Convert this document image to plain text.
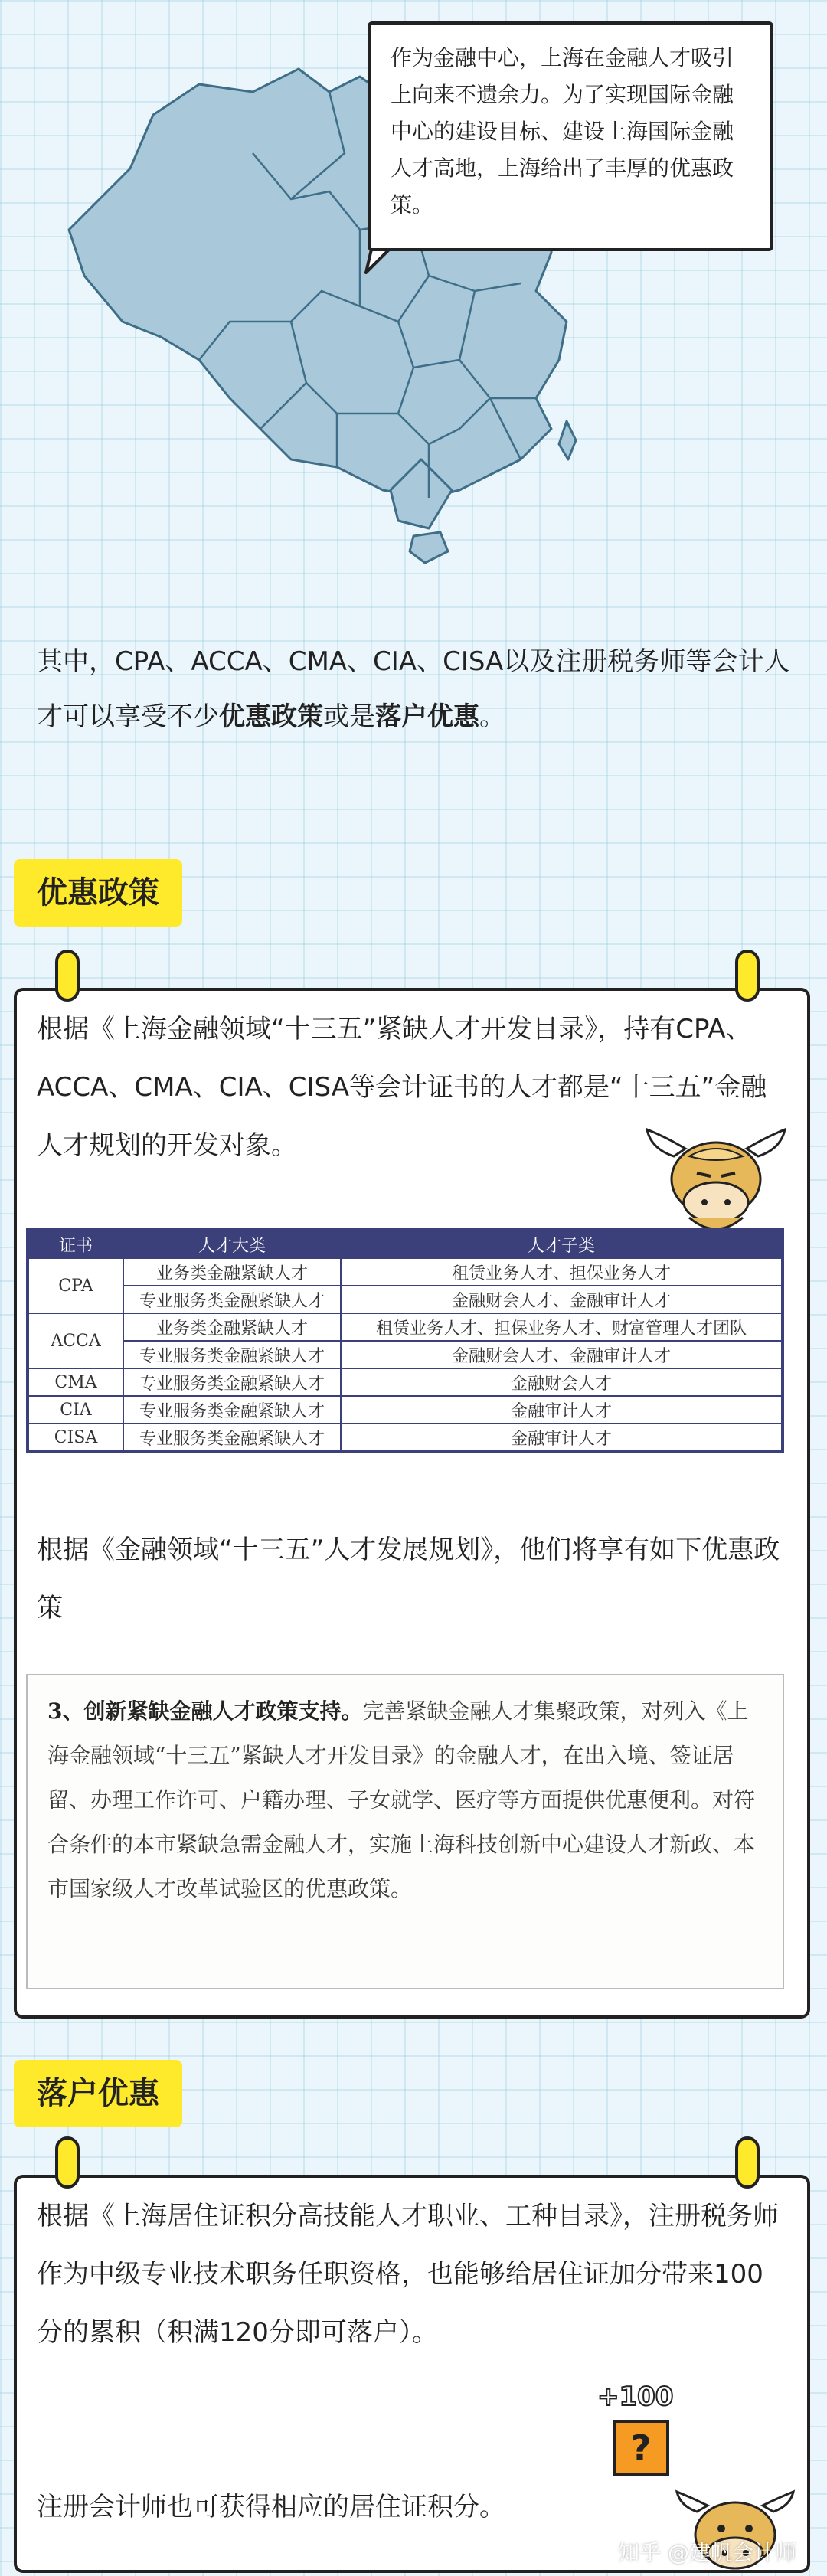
作为金融中心，上海在金融人才吸引上向来不遗余力。为了实现国际金融中心的建设目标、建设上海国际金融人才高地，上海给出了丰厚的优惠政策。
其中，CPA、ACCA、CMA、CIA、CISA以及注册税务师等会计人才可以享受不少优惠政策或是落户优惠。
优惠政策
根据《上海金融领域“十三五”紧缺人才开发目录》，持有CPA、ACCA、CMA、CIA、CISA等会计证书的人才都是“十三五”金融人才规划的开发对象。
证书	人才大类	人才子类
CPA	业务类金融紧缺人才	租赁业务人才、担保业务人才
	专业服务类金融紧缺人才	金融财会人才、金融审计人才
ACCA	业务类金融紧缺人才	租赁业务人才、担保业务人才、财富管理人才团队
	专业服务类金融紧缺人才	金融财会人才、金融审计人才
CMA	专业服务类金融紧缺人才	金融财会人才
CIA	专业服务类金融紧缺人才	金融审计人才
CISA	专业服务类金融紧缺人才	金融审计人才
根据《金融领域“十三五”人才发展规划》，他们将享有如下优惠政策
3、创新紧缺金融人才政策支持。完善紧缺金融人才集聚政策，对列入《上海金融领域“十三五”紧缺人才开发目录》的金融人才，在出入境、签证居留、办理工作许可、户籍办理、子女就学、医疗等方面提供优惠便利。对符合条件的本市紧缺急需金融人才，实施上海科技创新中心建设人才新政、本市国家级人才改革试验区的优惠政策。
落户优惠
根据《上海居住证积分高技能人才职业、工种目录》，注册税务师作为中级专业技术职务任职资格，也能够给居住证加分带来100分的累积（积满120分即可落户）。
注册会计师也可获得相应的居住证积分。
+100
?
知乎 @建帆会计师
